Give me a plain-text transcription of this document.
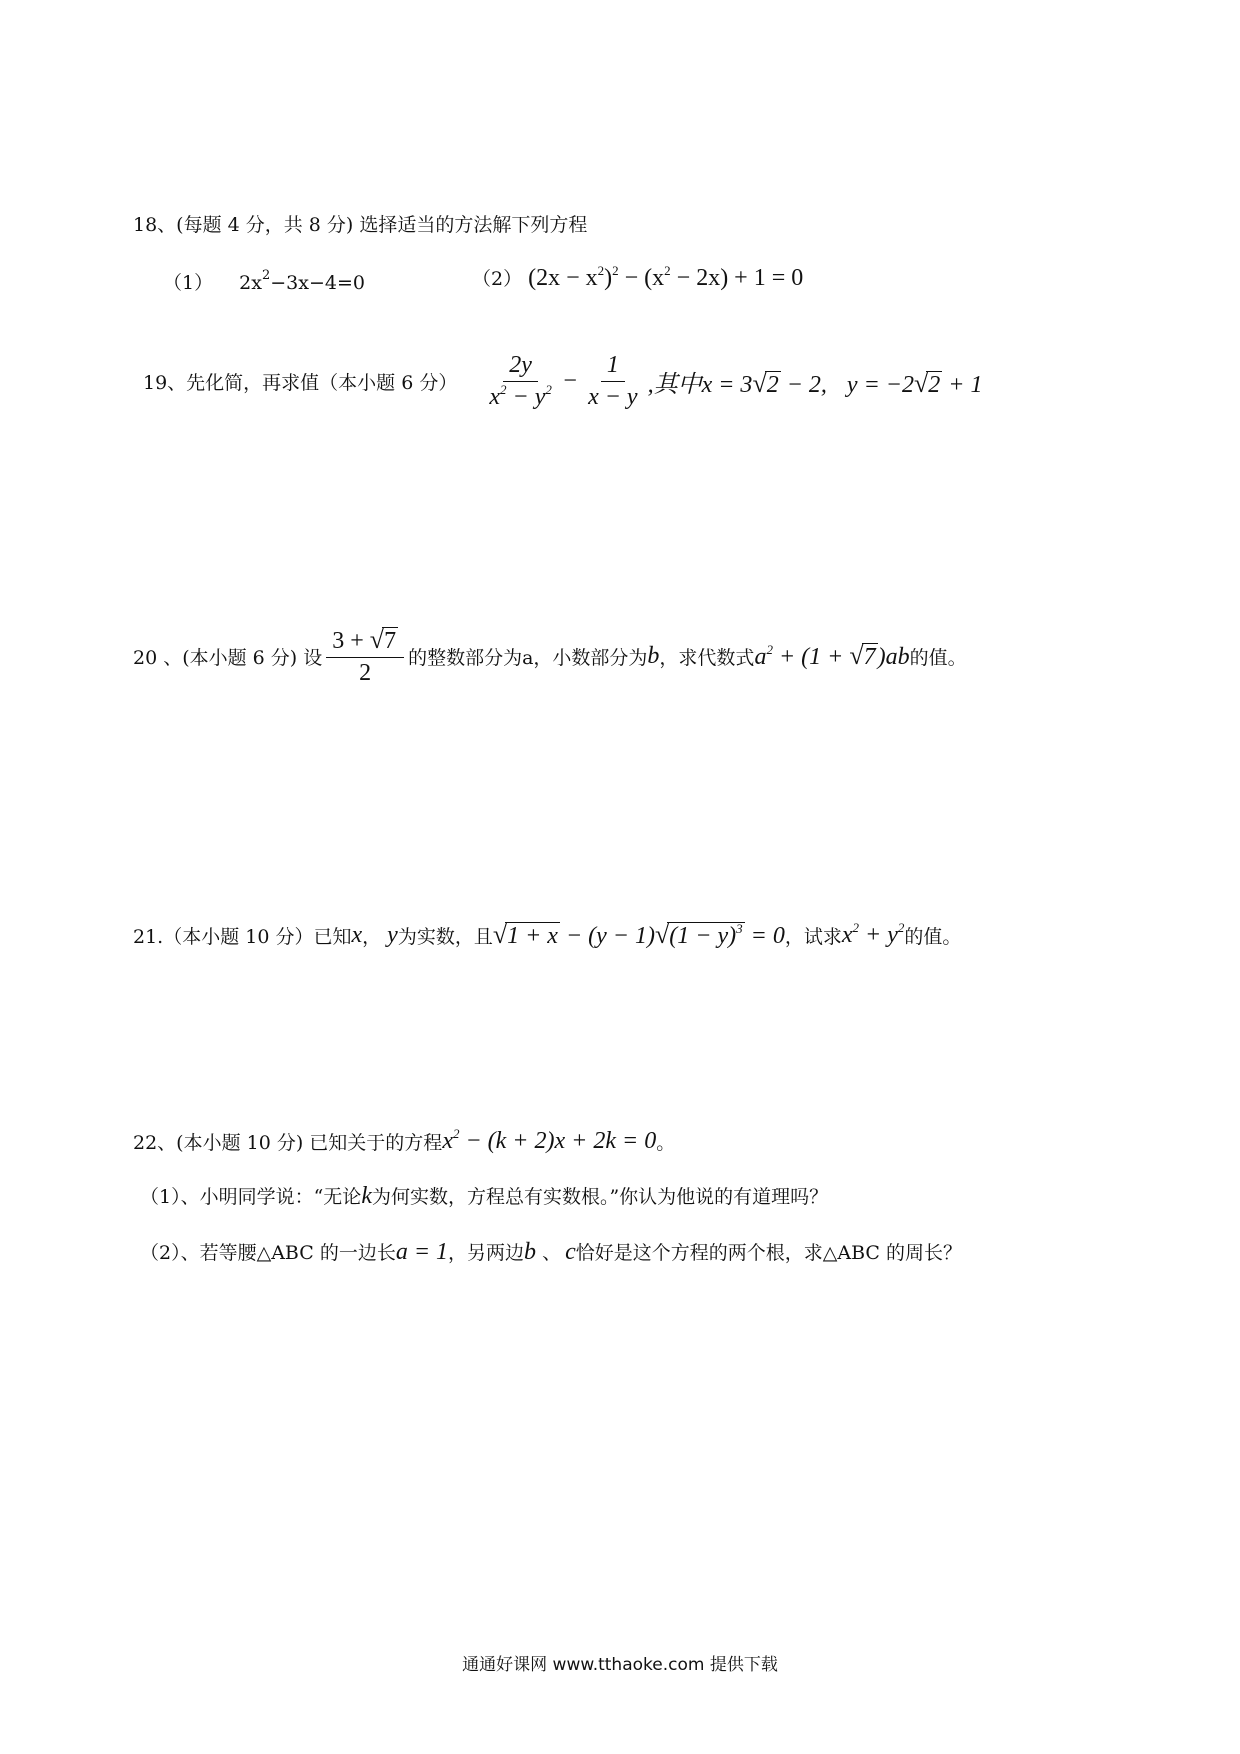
18、(每题 4 分，共 8 分) 选择适当的方法解下列方程
（1） $2x^2-3x-4=0$	（2） $(2x - x^2)^2 - (x^2 - 2x) + 1 = 0$
19、先化简，再求值（本小题 6 分） $\frac{2y}{x^2 - y^2} - \frac{1}{x - y}$ ,其中x = 3√2 − 2, y = −2√2 + 1
20 、(本小题 6 分) 设 $\frac{3 + √7}{2}$ 的整数部分为a，小数部分为 b ，求代数式 $a^2 + (1 + √7)ab$ 的值。
21.（本小题 10 分）已知 x ， y 为实数，且 $√1 + x - (y - 1)√(1 - y)^3 = 0$ ，试求 $x^2 + y^2$ 的值。
22、(本小题 10 分) 已知关于的方程 $x^2 - (k + 2)x + 2k = 0$ 。
（1）、小明同学说：“无论k为何实数，方程总有实数根。”你认为他说的有道理吗？
（2）、若等腰△ABC 的一边长a = 1，另两边b 、 c恰好是这个方程的两个根，求△ABC 的周长？
通通好课网 www.tthaoke.com 提供下载
